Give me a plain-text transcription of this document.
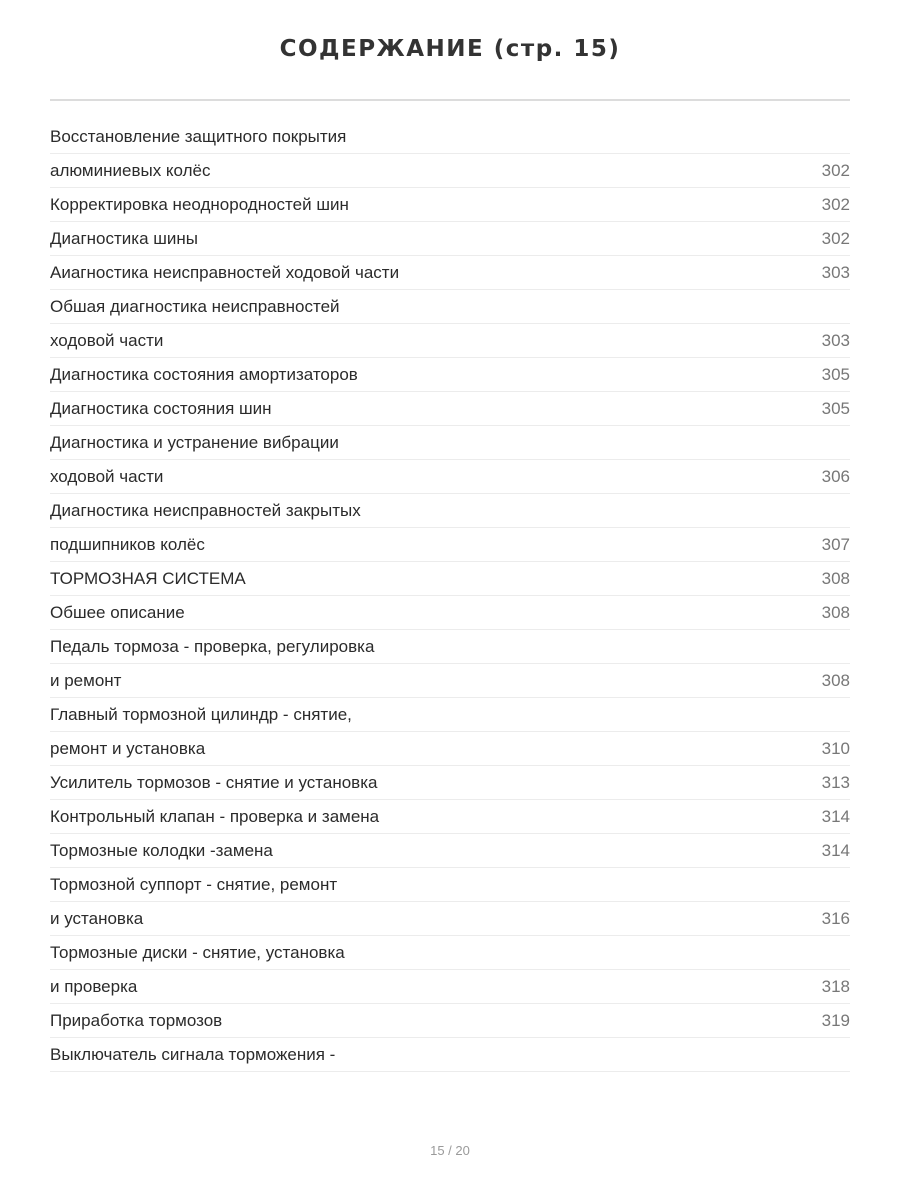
СОДЕРЖАНИЕ (стр. 15)
Восстановление защитного покрытия
алюминиевых колёс	302
Корректировка неоднородностей шин	302
Диагностика шины	302
Аиагностика неисправностей ходовой части	303
Обшая диагностика неисправностей
ходовой части	303
Диагностика состояния амортизаторов	305
Диагностика состояния шин	305
Диагностика и устранение вибрации
ходовой части	306
Диагностика неисправностей закрытых
подшипников колёс	307
ТОРМОЗНАЯ СИСТЕМА	308
Обшее описание	308
Педаль тормоза - проверка, регулировка
и ремонт	308
Главный тормозной цилиндр - снятие,
ремонт и установка	310
Усилитель тормозов - снятие и установка	313
Контрольный клапан - проверка и замена	314
Тормозные колодки -замена	314
Тормозной суппорт - снятие, ремонт
и установка	316
Тормозные диски - снятие, установка
и проверка	318
Приработка тормозов	319
Выключатель сигнала торможения -
15 / 20
